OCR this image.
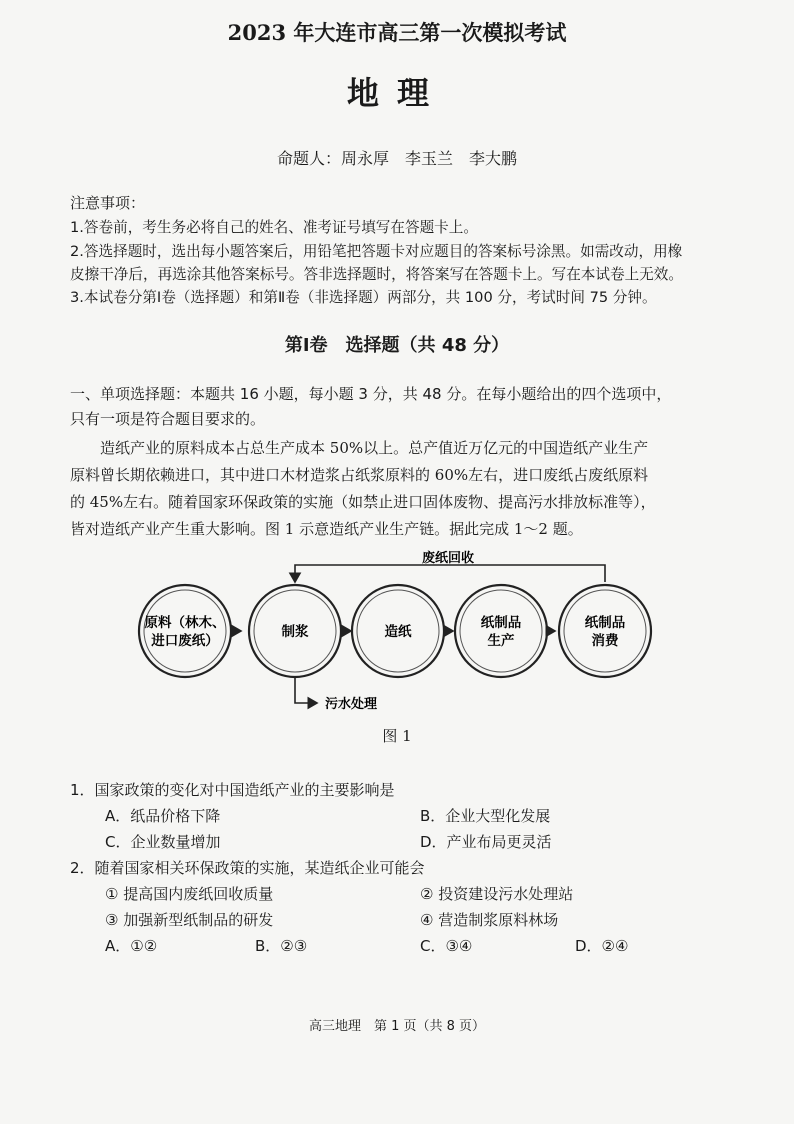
2023 年大连市高三第一次模拟考试
地理
命题人：周永厚　李玉兰　李大鹏
注意事项：
1.答卷前，考生务必将自己的姓名、准考证号填写在答题卡上。
2.答选择题时，选出每小题答案后，用铅笔把答题卡对应题目的答案标号涂黑。如需改动，用橡
皮擦干净后，再选涂其他答案标号。答非选择题时，将答案写在答题卡上。写在本试卷上无效。
3.本试卷分第Ⅰ卷（选择题）和第Ⅱ卷（非选择题）两部分，共 100 分，考试时间 75 分钟。
第Ⅰ卷　选择题（共 48 分）
一、单项选择题：本题共 16 小题，每小题 3 分，共 48 分。在每小题给出的四个选项中，
只有一项是符合题目要求的。
造纸产业的原料成本占总生产成本 50%以上。总产值近万亿元的中国造纸产业生产
原料曾长期依赖进口，其中进口木材造浆占纸浆原料的 60%左右，进口废纸占废纸原料
的 45%左右。随着国家环保政策的实施（如禁止进口固体废物、提高污水排放标准等），
皆对造纸产业产生重大影响。图 1 示意造纸产业生产链。据此完成 1～2 题。
废纸回收
污水处理
原料（林木、
进口废纸）
制浆	造纸
纸制品
生产
纸制品
消费
图 1
1．国家政策的变化对中国造纸产业的主要影响是
A．纸品价格下降	B．企业大型化发展
C．企业数量增加	D．产业布局更灵活
2．随着国家相关环保政策的实施，某造纸企业可能会
① 提高国内废纸回收质量	② 投资建设污水处理站
③ 加强新型纸制品的研发	④ 营造制浆原料林场
A．①②	B．②③	C．③④	D．②④
高三地理　第 1 页（共 8 页）
